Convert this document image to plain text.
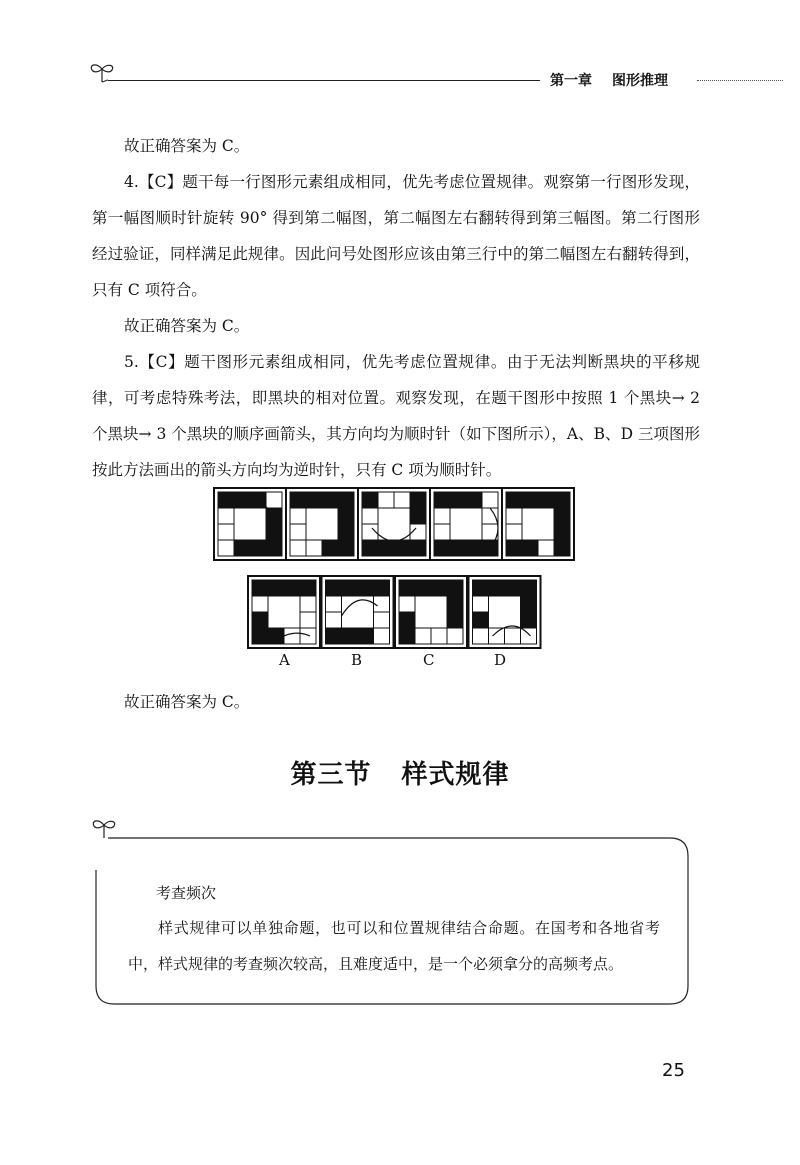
第一章 图形推理
故正确答案为 C。
4.【C】题干每一行图形元素组成相同，优先考虑位置规律。观察第一行图形发现，第一幅图顺时针旋转 90° 得到第二幅图，第二幅图左右翻转得到第三幅图。第二行图形经过验证，同样满足此规律。因此问号处图形应该由第三行中的第二幅图左右翻转得到，只有 C 项符合。
故正确答案为 C。
5.【C】题干图形元素组成相同，优先考虑位置规律。由于无法判断黑块的平移规律，可考虑特殊考法，即黑块的相对位置。观察发现，在题干图形中按照 1 个黑块→ 2 个黑块→ 3 个黑块的顺序画箭头，其方向均为顺时针（如下图所示），A、B、D 三项图形按此方法画出的箭头方向均为逆时针，只有 C 项为顺时针。
A	B	C	D
故正确答案为 C。
第三节 样式规律
考查频次
样式规律可以单独命题，也可以和位置规律结合命题。在国考和各地省考中，样式规律的考查频次较高，且难度适中，是一个必须拿分的高频考点。
25
